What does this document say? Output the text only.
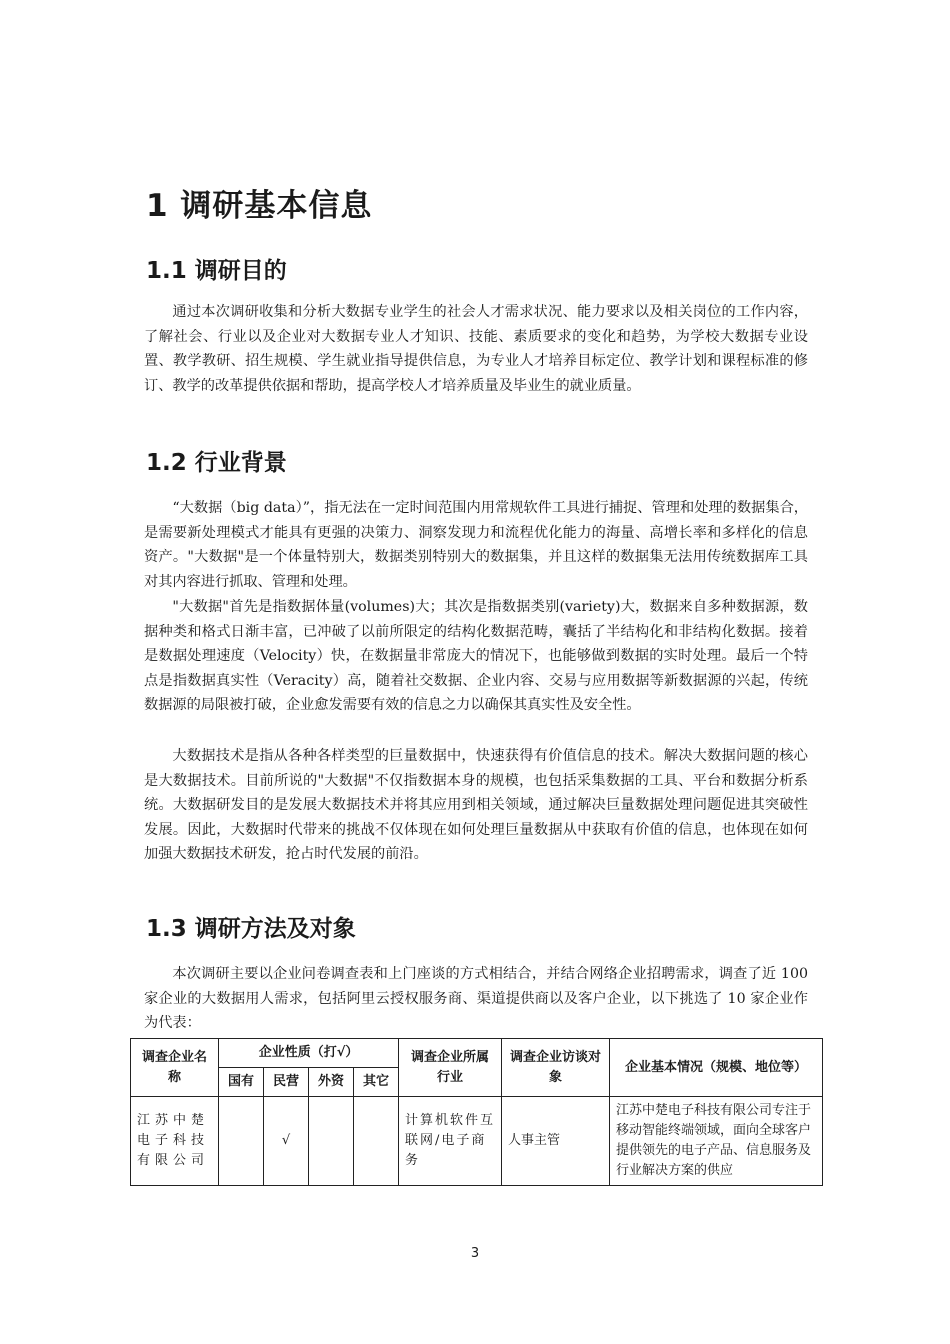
1 调研基本信息
1.1 调研目的

通过本次调研收集和分析大数据专业学生的社会人才需求状况、能力要求以及相关岗位的工作内容，了解社会、行业以及企业对大数据专业人才知识、技能、素质要求的变化和趋势，为学校大数据专业设置、教学教研、招生规模、学生就业指导提供信息，为专业人才培养目标定位、教学计划和课程标准的修订、教学的改革提供依据和帮助，提高学校人才培养质量及毕业生的就业质量。

1.2 行业背景

“大数据（big data）”，指无法在一定时间范围内用常规软件工具进行捕捉、管理和处理的数据集合，是需要新处理模式才能具有更强的决策力、洞察发现力和流程优化能力的海量、高增长率和多样化的信息资产。"大数据"是一个体量特别大，数据类别特别大的数据集，并且这样的数据集无法用传统数据库工具对其内容进行抓取、管理和处理。

"大数据"首先是指数据体量(volumes)大；其次是指数据类别(variety)大，数据来自多种数据源，数据种类和格式日渐丰富，已冲破了以前所限定的结构化数据范畴，囊括了半结构化和非结构化数据。接着是数据处理速度（Velocity）快，在数据量非常庞大的情况下，也能够做到数据的实时处理。最后一个特点是指数据真实性（Veracity）高，随着社交数据、企业内容、交易与应用数据等新数据源的兴起，传统数据源的局限被打破，企业愈发需要有效的信息之力以确保其真实性及安全性。

大数据技术是指从各种各样类型的巨量数据中，快速获得有价值信息的技术。解决大数据问题的核心是大数据技术。目前所说的"大数据"不仅指数据本身的规模，也包括采集数据的工具、平台和数据分析系统。大数据研发目的是发展大数据技术并将其应用到相关领域，通过解决巨量数据处理问题促进其突破性发展。因此，大数据时代带来的挑战不仅体现在如何处理巨量数据从中获取有价值的信息，也体现在如何加强大数据技术研发，抢占时代发展的前沿。

1.3 调研方法及对象

本次调研主要以企业问卷调查表和上门座谈的方式相结合，并结合网络企业招聘需求，调查了近 100 家企业的大数据用人需求，包括阿里云授权服务商、渠道提供商以及客户企业，以下挑选了 10 家企业作为代表：

调查企业名称	企业性质（打√）				调查企业所属行业	调查企业访谈对象	企业基本情况（规模、地位等）
	国有	民营	外资	其它			
江苏中楚电子科技有限公司		√			计算机软件互联网/电子商务	人事主管	江苏中楚电子科技有限公司专注于移动智能终端领域，面向全球客户提供领先的电子产品、信息服务及行业解决方案的供应
3
